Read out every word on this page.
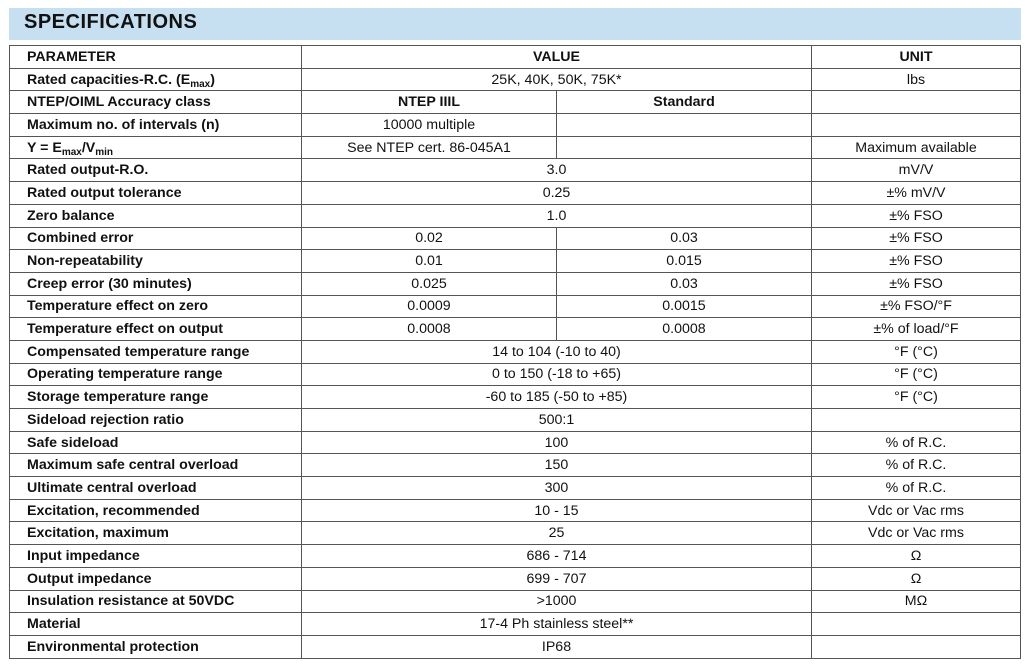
SPECIFICATIONS
PARAMETER	VALUE		UNIT
Rated capacities-R.C. $(E_{max})$	25K, 40K, 50K, 75K*		lbs
NTEP/OIML Accuracy class	NTEP IIIL	Standard	
Maximum no. of intervals (n)	10000 multiple		
$Y = E_{max}/V_{min}$	See NTEP cert. 86-045A1		Maximum available
Rated output-R.O.	3.0		mV/V
Rated output tolerance	0.25		±% mV/V
Zero balance	1.0		±% FSO
Combined error	0.02	0.03	±% FSO
Non-repeatability	0.01	0.015	±% FSO
Creep error (30 minutes)	0.025	0.03	±% FSO
Temperature effect on zero	0.0009	0.0015	±% FSO/°F
Temperature effect on output	0.0008	0.0008	±% of load/°F
Compensated temperature range	14 to 104 (-10 to 40)		°F (°C)
Operating temperature range	0 to 150 (-18 to +65)		°F (°C)
Storage temperature range	-60 to 185 (-50 to +85)		°F (°C)
Sideload rejection ratio	500:1		
Safe sideload	100		% of R.C.
Maximum safe central overload	150		% of R.C.
Ultimate central overload	300		% of R.C.
Excitation, recommended	10 - 15		Vdc or Vac rms
Excitation, maximum	25		Vdc or Vac rms
Input impedance	686 - 714		Ω
Output impedance	699 - 707		Ω
Insulation resistance at 50VDC	>1000		MΩ
Material	17-4 Ph stainless steel**		
Environmental protection	IP68		
